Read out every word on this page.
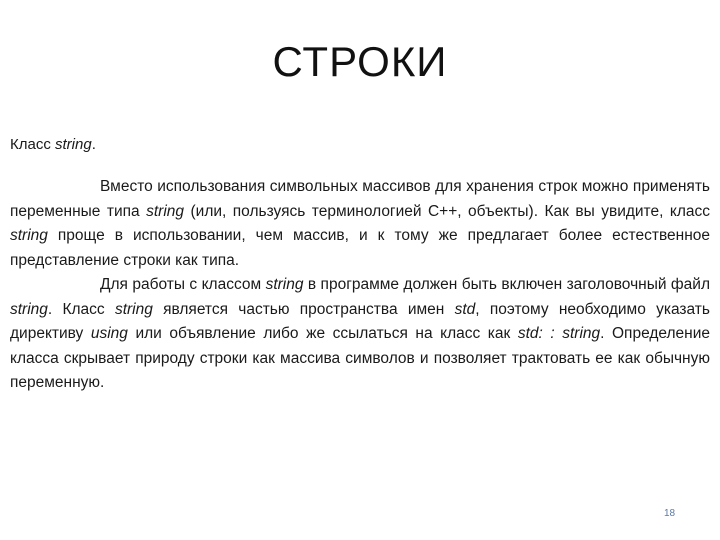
СТРОКИ
Класс string.

Вместо использования символьных массивов для хранения строк можно применять переменные типа string (или, пользуясь терминологией С++, объекты). Как вы увидите, класс string проще в использовании, чем массив, и к тому же предлагает более естественное представление строки как типа.

Для работы с классом string в программе должен быть включен заголовочный файл string. Класс string является частью пространства имен std, поэтому необходимо указать директиву using или объявление либо же ссылаться на класс как std: : string. Определение класса скрывает природу строки как массива символов и позволяет трактовать ее как обычную переменную.

18
